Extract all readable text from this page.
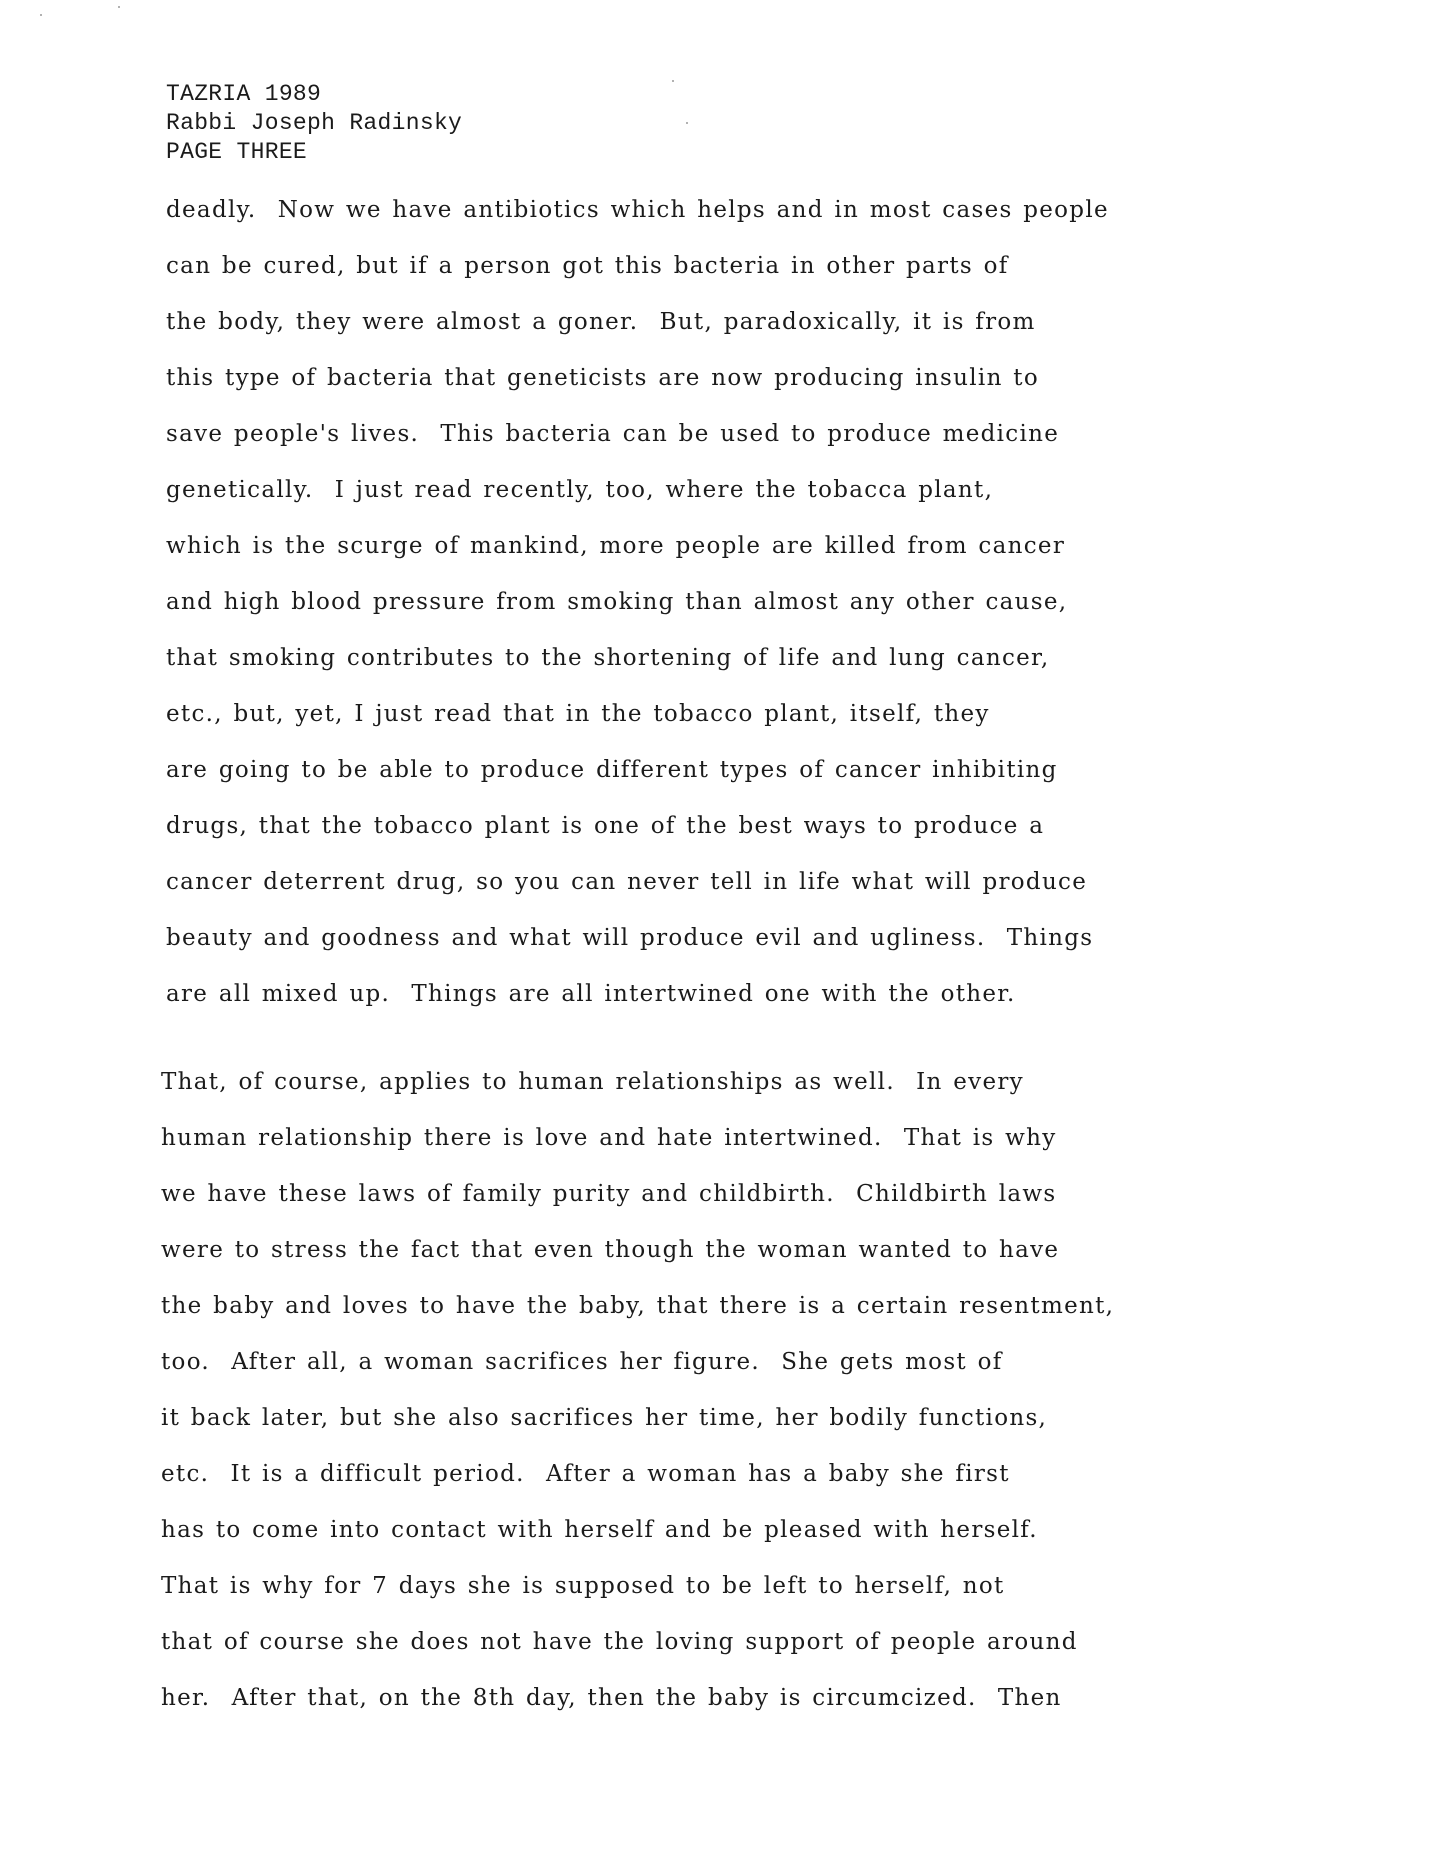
TAZRIA 1989
Rabbi Joseph Radinsky
PAGE THREE
deadly.  Now we have antibiotics which helps and in most cases people
can be cured, but if a person got this bacteria in other parts of
the body, they were almost a goner.  But, paradoxically, it is from
this type of bacteria that geneticists are now producing insulin to
save people's lives.  This bacteria can be used to produce medicine
genetically.  I just read recently, too, where the tobacca plant,
which is the scurge of mankind, more people are killed from cancer
and high blood pressure from smoking than almost any other cause,
that smoking contributes to the shortening of life and lung cancer,
etc., but, yet, I just read that in the tobacco plant, itself, they
are going to be able to produce different types of cancer inhibiting
drugs, that the tobacco plant is one of the best ways to produce a
cancer deterrent drug, so you can never tell in life what will produce
beauty and goodness and what will produce evil and ugliness.  Things
are all mixed up.  Things are all intertwined one with the other.
That, of course, applies to human relationships as well.  In every
human relationship there is love and hate intertwined.  That is why
we have these laws of family purity and childbirth.  Childbirth laws
were to stress the fact that even though the woman wanted to have
the baby and loves to have the baby, that there is a certain resentment,
too.  After all, a woman sacrifices her figure.  She gets most of
it back later, but she also sacrifices her time, her bodily functions,
etc.  It is a difficult period.  After a woman has a baby she first
has to come into contact with herself and be pleased with herself.
That is why for 7 days she is supposed to be left to herself, not
that of course she does not have the loving support of people around
her.  After that, on the 8th day, then the baby is circumcized.  Then
